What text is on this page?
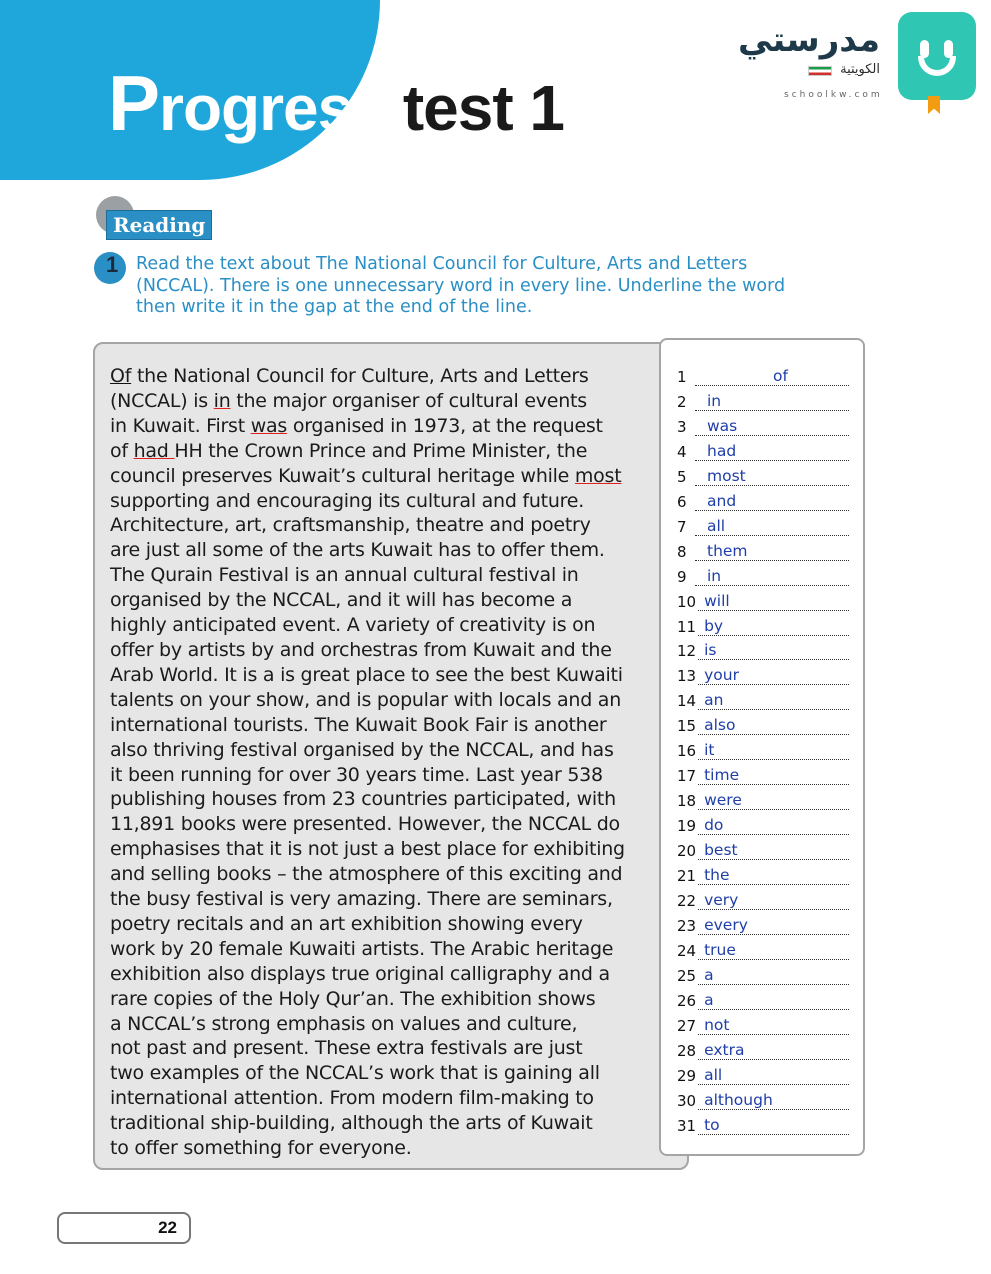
Progress test 1
مدرستي
الكويتية
schoolkw.com
Reading
1 Read the text about The National Council for Culture, Arts and Letters (NCCAL). There is one unnecessary word in every line. Underline the word then write it in the gap at the end of the line.
Of the National Council for Culture, Arts and Letters
(NCCAL) is in the major organiser of cultural events
in Kuwait. First was organised in 1973, at the request
of had HH the Crown Prince and Prime Minister, the
council preserves Kuwait’s cultural heritage while most
supporting and encouraging its cultural and future.
Architecture, art, craftsmanship, theatre and poetry
are just all some of the arts Kuwait has to offer them.
The Qurain Festival is an annual cultural festival in
organised by the NCCAL, and it will has become a
highly anticipated event. A variety of creativity is on
offer by artists by and orchestras from Kuwait and the
Arab World. It is a is great place to see the best Kuwaiti
talents on your show, and is popular with locals and an
international tourists. The Kuwait Book Fair is another
also thriving festival organised by the NCCAL, and has
it been running for over 30 years time. Last year 538
publishing houses from 23 countries participated, with
11,891 books were presented. However, the NCCAL do
emphasises that it is not just a best place for exhibiting
and selling books – the atmosphere of this exciting and
the busy festival is very amazing. There are seminars,
poetry recitals and an art exhibition showing every
work by 20 female Kuwaiti artists. The Arabic heritage
exhibition also displays true original calligraphy and a
rare copies of the Holy Qur’an. The exhibition shows
a NCCAL’s strong emphasis on values and culture,
not past and present. These extra festivals are just
two examples of the NCCAL’s work that is gaining all
international attention. From modern film-making to
traditional ship-building, although the arts of Kuwait
to offer something for everyone.
1	of
2	in
3	was
4	had
5	most
6	and
7	all
8	them
9	in
10 will
11 by
12 is
13 your
14 an
15 also
16 it
17 time
18 were
19 do
20 best
21 the
22 very
23 every
24 true
25 a
26 a
27 not
28 extra
29 all
30 although
31 to
22
